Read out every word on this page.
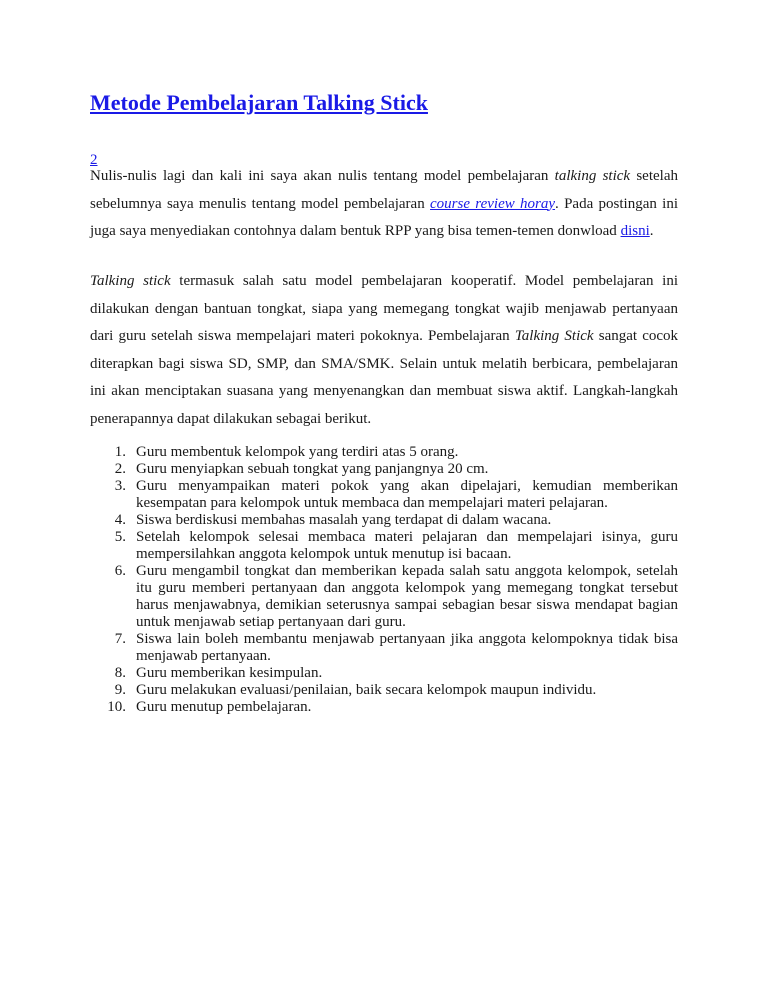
Metode Pembelajaran Talking Stick
2

Nulis-nulis lagi dan kali ini saya akan nulis tentang model pembelajaran talking stick setelah sebelumnya saya menulis tentang model pembelajaran course review horay. Pada postingan ini juga saya menyediakan contohnya dalam bentuk RPP yang bisa temen-temen donwload disni.

Talking stick termasuk salah satu model pembelajaran kooperatif. Model pembelajaran ini dilakukan dengan bantuan tongkat, siapa yang memegang tongkat wajib menjawab pertanyaan dari guru setelah siswa mempelajari materi pokoknya. Pembelajaran Talking Stick sangat cocok diterapkan bagi siswa SD, SMP, dan SMA/SMK. Selain untuk melatih berbicara, pembelajaran ini akan menciptakan suasana yang menyenangkan dan membuat siswa aktif. Langkah-langkah penerapannya dapat dilakukan sebagai berikut.

1. Guru membentuk kelompok yang terdiri atas 5 orang.
2. Guru menyiapkan sebuah tongkat yang panjangnya 20 cm.
3. Guru menyampaikan materi pokok yang akan dipelajari, kemudian memberikan kesempatan para kelompok untuk membaca dan mempelajari materi pelajaran.
4. Siswa berdiskusi membahas masalah yang terdapat di dalam wacana.
5. Setelah kelompok selesai membaca materi pelajaran dan mempelajari isinya, guru mempersilahkan anggota kelompok untuk menutup isi bacaan.
6. Guru mengambil tongkat dan memberikan kepada salah satu anggota kelompok, setelah itu guru memberi pertanyaan dan anggota kelompok yang memegang tongkat tersebut harus menjawabnya, demikian seterusnya sampai sebagian besar siswa mendapat bagian untuk menjawab setiap pertanyaan dari guru.
7. Siswa lain boleh membantu menjawab pertanyaan jika anggota kelompoknya tidak bisa menjawab pertanyaan.
8. Guru memberikan kesimpulan.
9. Guru melakukan evaluasi/penilaian, baik secara kelompok maupun individu.
10. Guru menutup pembelajaran.
